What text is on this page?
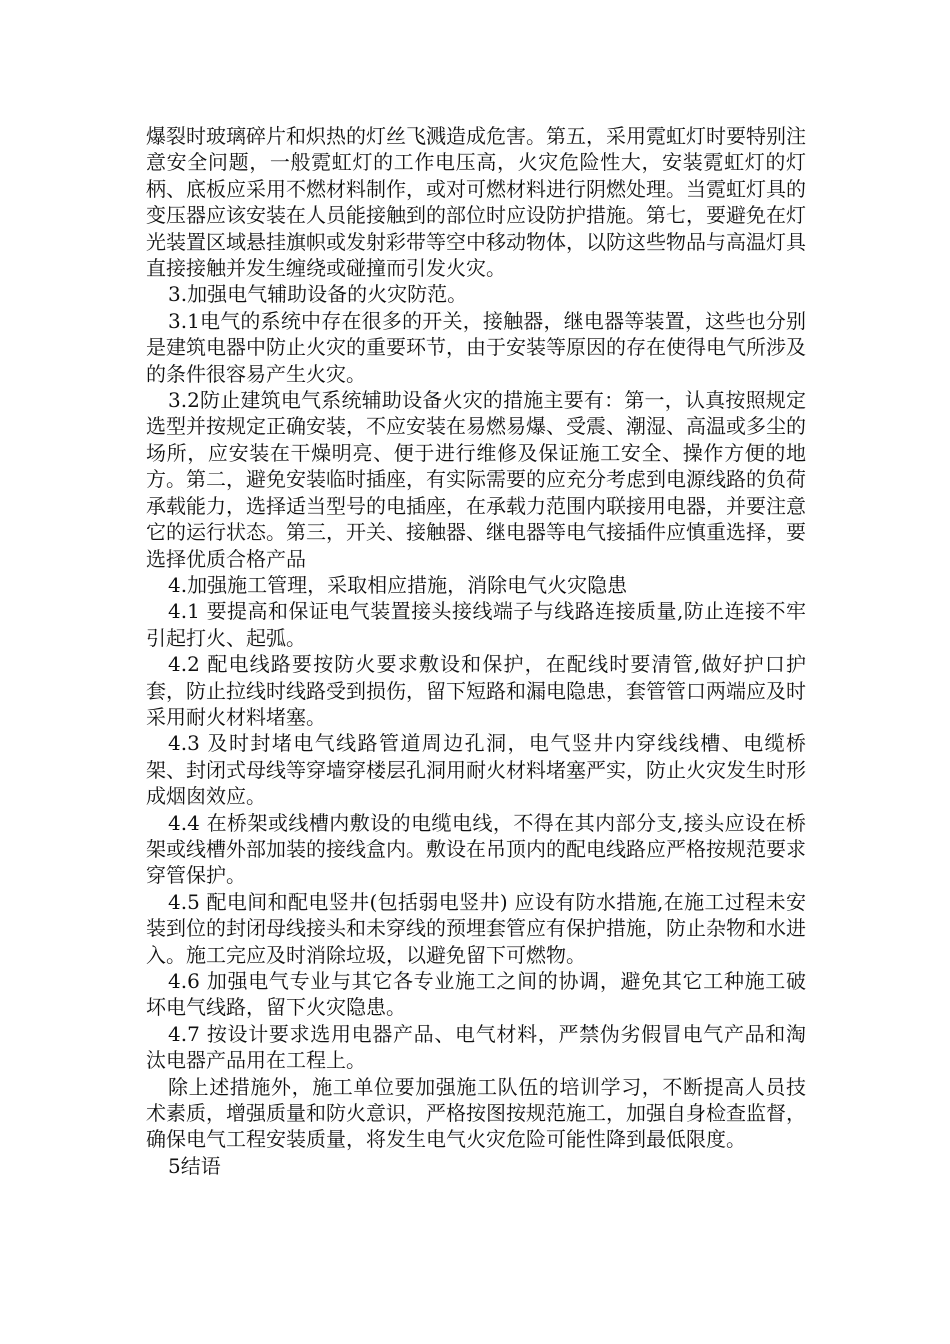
爆裂时玻璃碎片和炽热的灯丝飞溅造成危害。第五，采用霓虹灯时要特别注意安全问题，一般霓虹灯的工作电压高，火灾危险性大，安装霓虹灯的灯柄、底板应采用不燃材料制作，或对可燃材料进行阴燃处理。当霓虹灯具的变压器应该安装在人员能接触到的部位时应设防护措施。第七，要避免在灯光装置区域悬挂旗帜或发射彩带等空中移动物体，以防这些物品与高温灯具直接接触并发生缠绕或碰撞而引发火灾。

3.加强电气辅助设备的火灾防范。

3.1电气的系统中存在很多的开关，接触器，继电器等装置，这些也分别是建筑电器中防止火灾的重要环节，由于安装等原因的存在使得电气所涉及的条件很容易产生火灾。

3.2防止建筑电气系统辅助设备火灾的措施主要有：第一，认真按照规定选型并按规定正确安装，不应安装在易燃易爆、受震、潮湿、高温或多尘的场所，应安装在干燥明亮、便于进行维修及保证施工安全、操作方便的地方。第二，避免安装临时插座，有实际需要的应充分考虑到电源线路的负荷承载能力，选择适当型号的电插座，在承载力范围内联接用电器，并要注意它的运行状态。第三，开关、接触器、继电器等电气接插件应慎重选择，要选择优质合格产品

4.加强施工管理，采取相应措施，消除电气火灾隐患

4.1 要提高和保证电气装置接头接线端子与线路连接质量,防止连接不牢引起打火、起弧。

4.2 配电线路要按防火要求敷设和保护，在配线时要清管,做好护口护套，防止拉线时线路受到损伤，留下短路和漏电隐患，套管管口两端应及时采用耐火材料堵塞。

4.3 及时封堵电气线路管道周边孔洞，电气竖井内穿线线槽、电缆桥架、封闭式母线等穿墙穿楼层孔洞用耐火材料堵塞严实，防止火灾发生时形成烟囱效应。

4.4 在桥架或线槽内敷设的电缆电线，不得在其内部分支,接头应设在桥架或线槽外部加装的接线盒内。敷设在吊顶内的配电线路应严格按规范要求穿管保护。

4.5 配电间和配电竖井(包括弱电竖井) 应设有防水措施,在施工过程未安装到位的封闭母线接头和未穿线的预埋套管应有保护措施，防止杂物和水进入。施工完应及时消除垃圾，以避免留下可燃物。

4.6 加强电气专业与其它各专业施工之间的协调，避免其它工种施工破坏电气线路，留下火灾隐患。

4.7 按设计要求选用电器产品、电气材料，严禁伪劣假冒电气产品和淘汰电器产品用在工程上。

除上述措施外，施工单位要加强施工队伍的培训学习，不断提高人员技术素质，增强质量和防火意识，严格按图按规范施工，加强自身检查监督，确保电气工程安装质量，将发生电气火灾危险可能性降到最低限度。

5结语
